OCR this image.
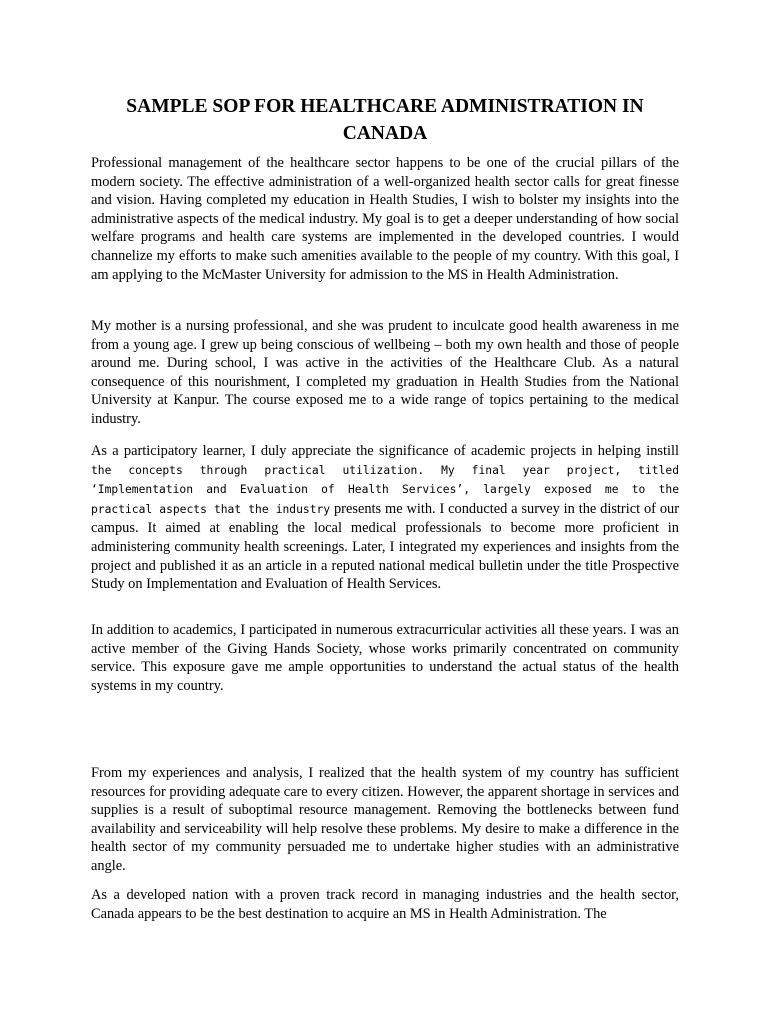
SAMPLE SOP FOR HEALTHCARE ADMINISTRATION IN CANADA

Professional management of the healthcare sector happens to be one of the crucial pillars of the modern society. The effective administration of a well-organized health sector calls for great finesse and vision. Having completed my education in Health Studies, I wish to bolster my insights into the administrative aspects of the medical industry. My goal is to get a deeper understanding of how social welfare programs and health care systems are implemented in the developed countries. I would channelize my efforts to make such amenities available to the people of my country. With this goal, I am applying to the McMaster University for admission to the MS in Health Administration.

My mother is a nursing professional, and she was prudent to inculcate good health awareness in me from a young age. I grew up being conscious of wellbeing – both my own health and those of people around me. During school, I was active in the activities of the Healthcare Club. As a natural consequence of this nourishment, I completed my graduation in Health Studies from the National University at Kanpur. The course exposed me to a wide range of topics pertaining to the medical industry.

As a participatory learner, I duly appreciate the significance of academic projects in helping instill the concepts through practical utilization. My final year project, titled ‘Implementation and Evaluation of Health Services’, largely exposed me to the practical aspects that the industry presents me with. I conducted a survey in the district of our campus. It aimed at enabling the local medical professionals to become more proficient in administering community health screenings. Later, I integrated my experiences and insights from the project and published it as an article in a reputed national medical bulletin under the title Prospective Study on Implementation and Evaluation of Health Services.

In addition to academics, I participated in numerous extracurricular activities all these years. I was an active member of the Giving Hands Society, whose works primarily concentrated on community service. This exposure gave me ample opportunities to understand the actual status of the health systems in my country.

From my experiences and analysis, I realized that the health system of my country has sufficient resources for providing adequate care to every citizen. However, the apparent shortage in services and supplies is a result of suboptimal resource management. Removing the bottlenecks between fund availability and serviceability will help resolve these problems. My desire to make a difference in the health sector of my community persuaded me to undertake higher studies with an administrative angle.

As a developed nation with a proven track record in managing industries and the health sector, Canada appears to be the best destination to acquire an MS in Health Administration. The
